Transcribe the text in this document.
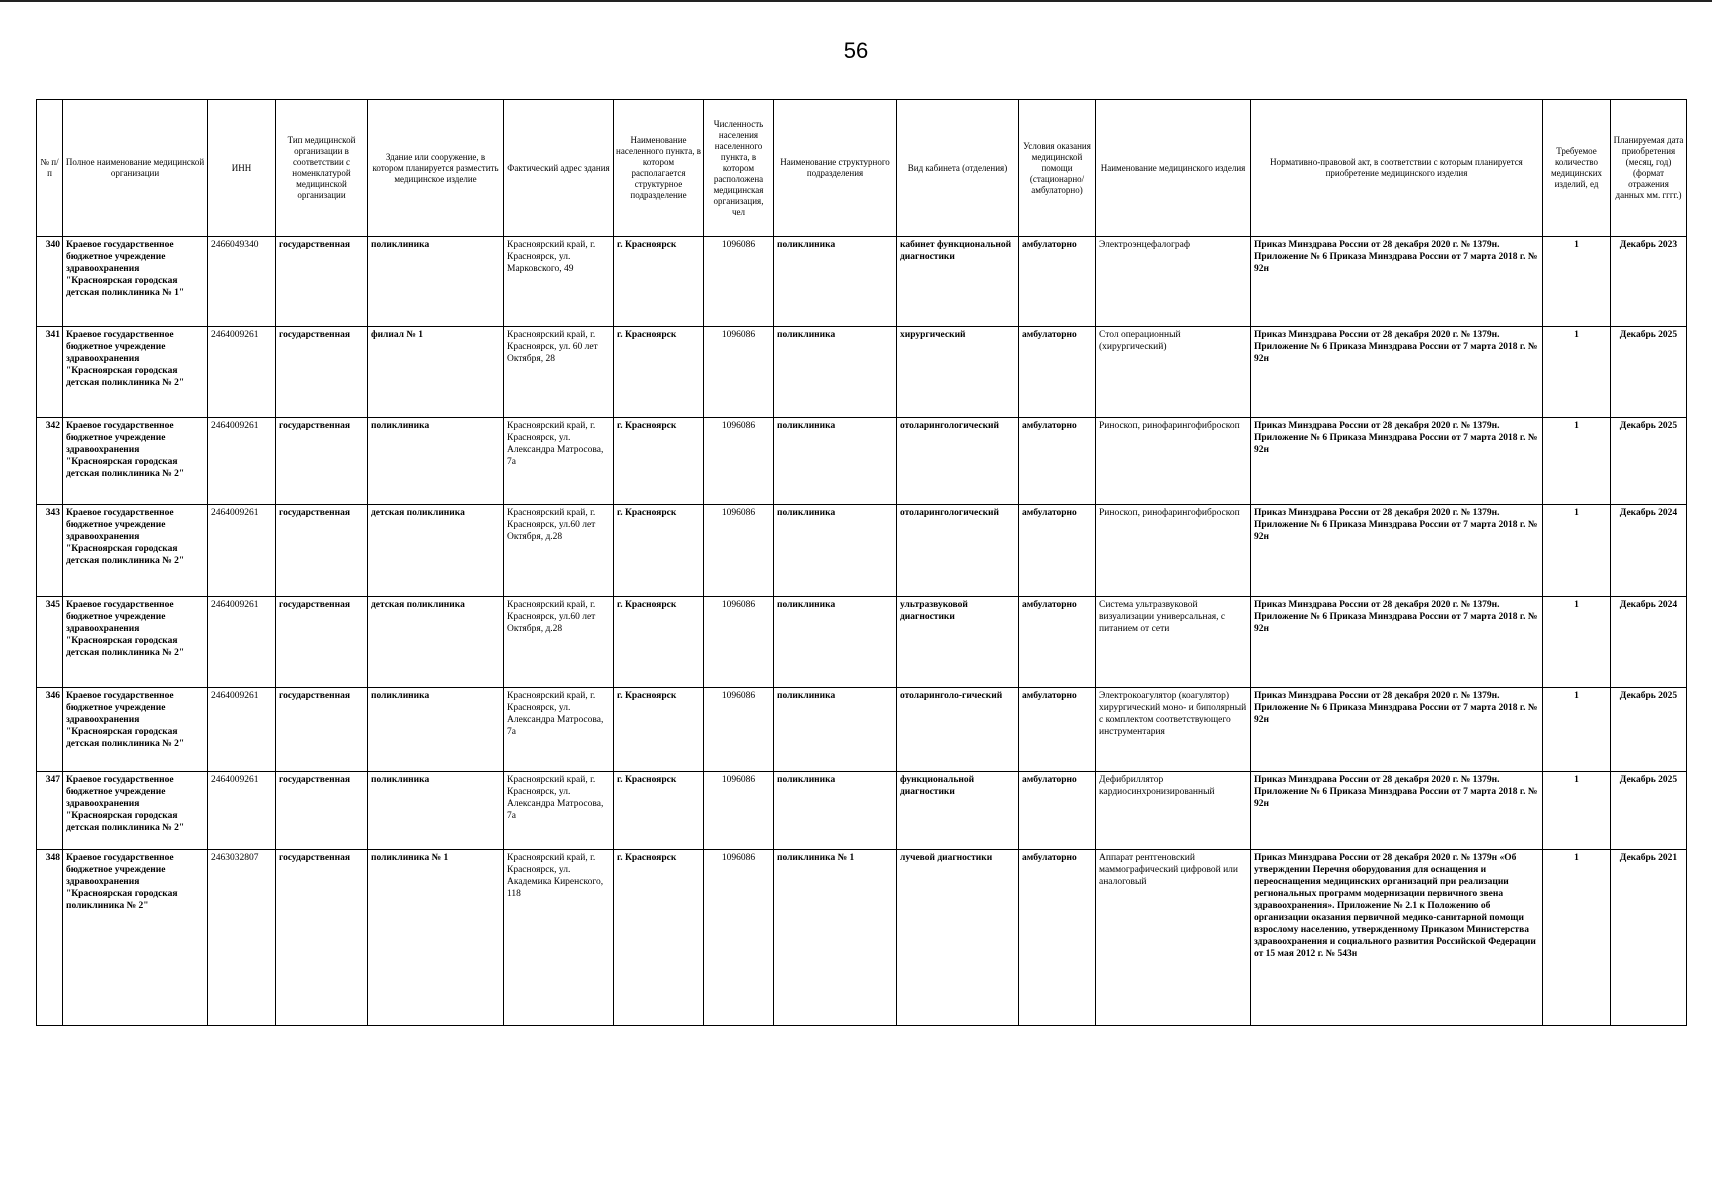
56
№ п/п	Полное наименование медицинской организации	ИНН	Тип медицинской организации в соответствии с номенклатурой медицинской организации	Здание или сооружение, в котором планируется разместить медицинское изделие	Фактический адрес здания	Наименование населенного пункта, в котором располагается структурное подразделение	Численность населения населенного пункта, в котором расположена медицинская организация, чел	Наименование структурного подразделения	Вид кабинета (отделения)	Условия оказания медицинской помощи (стационарно/амбулаторно)	Наименование медицинского изделия	Нормативно-правовой акт, в соответствии с которым планируется приобретение медицинского изделия	Требуемое количество медицинских изделий, ед	Планируемая дата приобретения (месяц, год) (формат отражения данных мм. гггг.)
340	Краевое государственное бюджетное учреждение здравоохранения "Красноярская городская детская поликлиника № 1"	2466049340	государственная	поликлиника	Красноярский край, г. Красноярск, ул. Марковского, 49	г. Красноярск	1096086	поликлиника	кабинет функциональной диагностики	амбулаторно	Электроэнцефалограф	Приказ Минздрава России от 28 декабря 2020 г. № 1379н. Приложение № 6 Приказа Минздрава России от 7 марта 2018 г. № 92н	1	Декабрь 2023
341	Краевое государственное бюджетное учреждение здравоохранения "Красноярская городская детская поликлиника № 2"	2464009261	государственная	филиал № 1	Красноярский край, г. Красноярск, ул. 60 лет Октября, 28	г. Красноярск	1096086	поликлиника	хирургический	амбулаторно	Стол операционный (хирургический)	Приказ Минздрава России от 28 декабря 2020 г. № 1379н. Приложение № 6 Приказа Минздрава России от 7 марта 2018 г. № 92н	1	Декабрь 2025
342	Краевое государственное бюджетное учреждение здравоохранения "Красноярская городская детская поликлиника № 2"	2464009261	государственная	поликлиника	Красноярский край, г. Красноярск, ул. Александра Матросова, 7а	г. Красноярск	1096086	поликлиника	отоларингологический	амбулаторно	Риноскоп, ринофарингофиброскоп	Приказ Минздрава России от 28 декабря 2020 г. № 1379н. Приложение № 6 Приказа Минздрава России от 7 марта 2018 г. № 92н	1	Декабрь 2025
343	Краевое государственное бюджетное учреждение здравоохранения "Красноярская городская детская поликлиника № 2"	2464009261	государственная	детская поликлиника	Красноярский край, г. Красноярск, ул.60 лет Октября, д.28	г. Красноярск	1096086	поликлиника	отоларингологический	амбулаторно	Риноскоп, ринофарингофиброскоп	Приказ Минздрава России от 28 декабря 2020 г. № 1379н. Приложение № 6 Приказа Минздрава России от 7 марта 2018 г. № 92н	1	Декабрь 2024
345	Краевое государственное бюджетное учреждение здравоохранения "Красноярская городская детская поликлиника № 2"	2464009261	государственная	детская поликлиника	Красноярский край, г. Красноярск, ул.60 лет Октября, д.28	г. Красноярск	1096086	поликлиника	ультразвуковой диагностики	амбулаторно	Система ультразвуковой визуализации универсальная, с питанием от сети	Приказ Минздрава России от 28 декабря 2020 г. № 1379н. Приложение № 6 Приказа Минздрава России от 7 марта 2018 г. № 92н	1	Декабрь 2024
346	Краевое государственное бюджетное учреждение здравоохранения "Красноярская городская детская поликлиника № 2"	2464009261	государственная	поликлиника	Красноярский край, г. Красноярск, ул. Александра Матросова, 7а	г. Красноярск	1096086	поликлиника	отоларинголо-гический	амбулаторно	Электрокоагулятор (коагулятор) хирургический моно- и биполярный с комплектом соответствующего инструментария	Приказ Минздрава России от 28 декабря 2020 г. № 1379н. Приложение № 6 Приказа Минздрава России от 7 марта 2018 г. № 92н	1	Декабрь 2025
347	Краевое государственное бюджетное учреждение здравоохранения "Красноярская городская детская поликлиника № 2"	2464009261	государственная	поликлиника	Красноярский край, г. Красноярск, ул. Александра Матросова, 7а	г. Красноярск	1096086	поликлиника	функциональной диагностики	амбулаторно	Дефибриллятор кардиосинхронизированный	Приказ Минздрава России от 28 декабря 2020 г. № 1379н. Приложение № 6 Приказа Минздрава России от 7 марта 2018 г. № 92н	1	Декабрь 2025
348	Краевое государственное бюджетное учреждение здравоохранения "Красноярская городская поликлиника № 2"	2463032807	государственная	поликлиника № 1	Красноярский край, г. Красноярск, ул. Академика Киренского, 118	г. Красноярск	1096086	поликлиника № 1	лучевой диагностики	амбулаторно	Аппарат рентгеновский маммографический цифровой или аналоговый	Приказ Минздрава России от 28 декабря 2020 г. № 1379н «Об утверждении Перечня оборудования для оснащения и переоснащения медицинских организаций при реализации региональных программ модернизации первичного звена здравоохранения». Приложение № 2.1 к Положению об организации оказания первичной медико-санитарной помощи взрослому населению, утвержденному Приказом Министерства здравоохранения и социального развития Российской Федерации от 15 мая 2012 г. № 543н	1	Декабрь 2021
